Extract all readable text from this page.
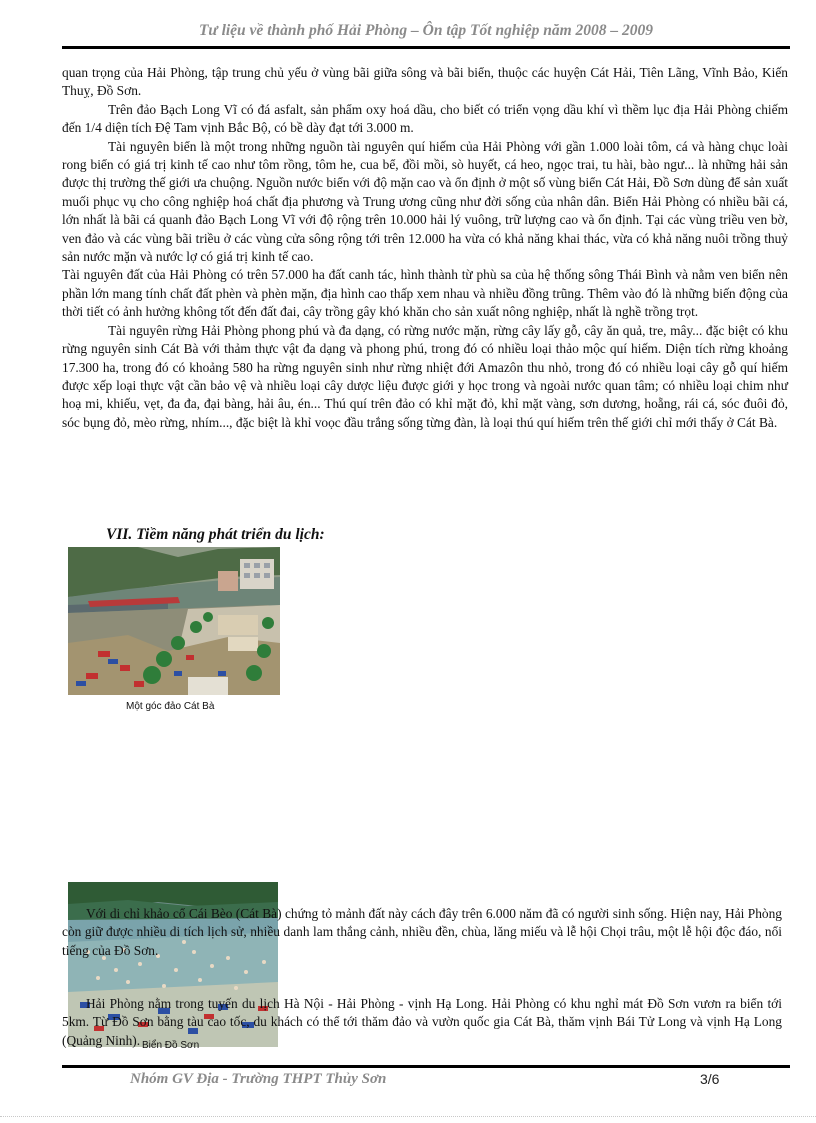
Tư liệu về thành phố Hải Phòng – Ôn tập Tốt nghiệp năm 2008 – 2009

quan trọng của Hải Phòng, tập trung chủ yếu ở vùng bãi giữa sông và bãi biển, thuộc các huyện Cát Hải, Tiên Lãng, Vĩnh Bảo, Kiến Thuỵ, Đồ Sơn.

Trên đảo Bạch Long Vĩ có đá asfalt, sản phẩm oxy hoá dầu, cho biết có triển vọng dầu khí vì thềm lục địa Hải Phòng chiếm đến 1/4 diện tích Đệ Tam vịnh Bắc Bộ, có bề dày đạt tới 3.000 m.

Tài nguyên biển là một trong những nguồn tài nguyên quí hiếm của Hải Phòng với gần 1.000 loài tôm, cá và hàng chục loài rong biển có giá trị kinh tế cao như tôm rồng, tôm he, cua bể, đồi mồi, sò huyết, cá heo, ngọc trai, tu hài, bào ngư... là những hải sản được thị trường thế giới ưa chuộng. Nguồn nước biển với độ mặn cao và ổn định ở một số vùng biển Cát Hải, Đồ Sơn dùng để sản xuất muối phục vụ cho công nghiệp hoá chất địa phương và Trung ương cũng như đời sống của nhân dân. Biển Hải Phòng có nhiều bãi cá, lớn nhất là bãi cá quanh đảo Bạch Long Vĩ với độ rộng trên 10.000 hải lý vuông, trữ lượng cao và ổn định. Tại các vùng triều ven bờ, ven đảo và các vùng bãi triều ở các vùng cửa sông rộng tới trên 12.000 ha vừa có khả năng khai thác, vừa có khả năng nuôi trồng thuỷ sản nước mặn và nước lợ có giá trị kinh tế cao.

Tài nguyên đất của Hải Phòng có trên 57.000 ha đất canh tác, hình thành từ phù sa của hệ thống sông Thái Bình và nằm ven biển nên phần lớn mang tính chất đất phèn và phèn mặn, địa hình cao thấp xem nhau và nhiều đồng trũng. Thêm vào đó là những biến động của thời tiết có ảnh hưởng không tốt đến đất đai, cây trồng gây khó khăn cho sản xuất nông nghiệp, nhất là nghề trồng trọt.

Tài nguyên rừng Hải Phòng phong phú và đa dạng, có rừng nước mặn, rừng cây lấy gỗ, cây ăn quả, tre, mây... đặc biệt có khu rừng nguyên sinh Cát Bà với thảm thực vật đa dạng và phong phú, trong đó có nhiều loại thảo mộc quí hiếm. Diện tích rừng khoảng 17.300 ha, trong đó có khoảng 580 ha rừng nguyên sinh như rừng nhiệt đới Amazôn thu nhỏ, trong đó có nhiều loại cây gỗ quí hiếm được xếp loại thực vật cần bảo vệ và nhiều loại cây dược liệu được giới y học trong và ngoài nước quan tâm; có nhiều loại chim như hoạ mi, khiếu, vẹt, đa đa, đại bàng, hải âu, én... Thú quí trên đảo có khỉ mặt đỏ, khỉ mặt vàng, sơn dương, hoẵng, rái cá, sóc đuôi đỏ, sóc bụng đỏ, mèo rừng, nhím..., đặc biệt là khỉ voọc đầu trắng sống từng đàn, là loại thú quí hiếm trên thế giới chỉ mới thấy ở Cát Bà.

VII. Tiềm năng phát triển du lịch:
Một góc đảo Cát Bà
Với di chỉ khảo cổ Cái Bèo (Cát Bà) chứng tỏ mảnh đất này cách đây trên 6.000 năm đã có người sinh sống. Hiện nay, Hải Phòng còn giữ được nhiều di tích lịch sử, nhiều danh lam thắng cảnh, nhiều đền, chùa, lăng miếu và lễ hội Chọi trâu, một lễ hội độc đáo, nổi tiếng của Đồ Sơn.
Hải Phòng nằm trong tuyến du lịch Hà Nội - Hải Phòng - vịnh Hạ Long. Hải Phòng có khu nghỉ mát Đồ Sơn vươn ra biển tới 5km. Từ Đồ Sơn bằng tàu cao tốc, du khách có thể tới thăm đảo và vườn quốc gia Cát Bà, thăm vịnh Bái Tử Long và vịnh Hạ Long (Quảng Ninh). Biển Đồ Sơn
Nhóm GV Địa - Trường THPT Thủy Sơn	3/6
